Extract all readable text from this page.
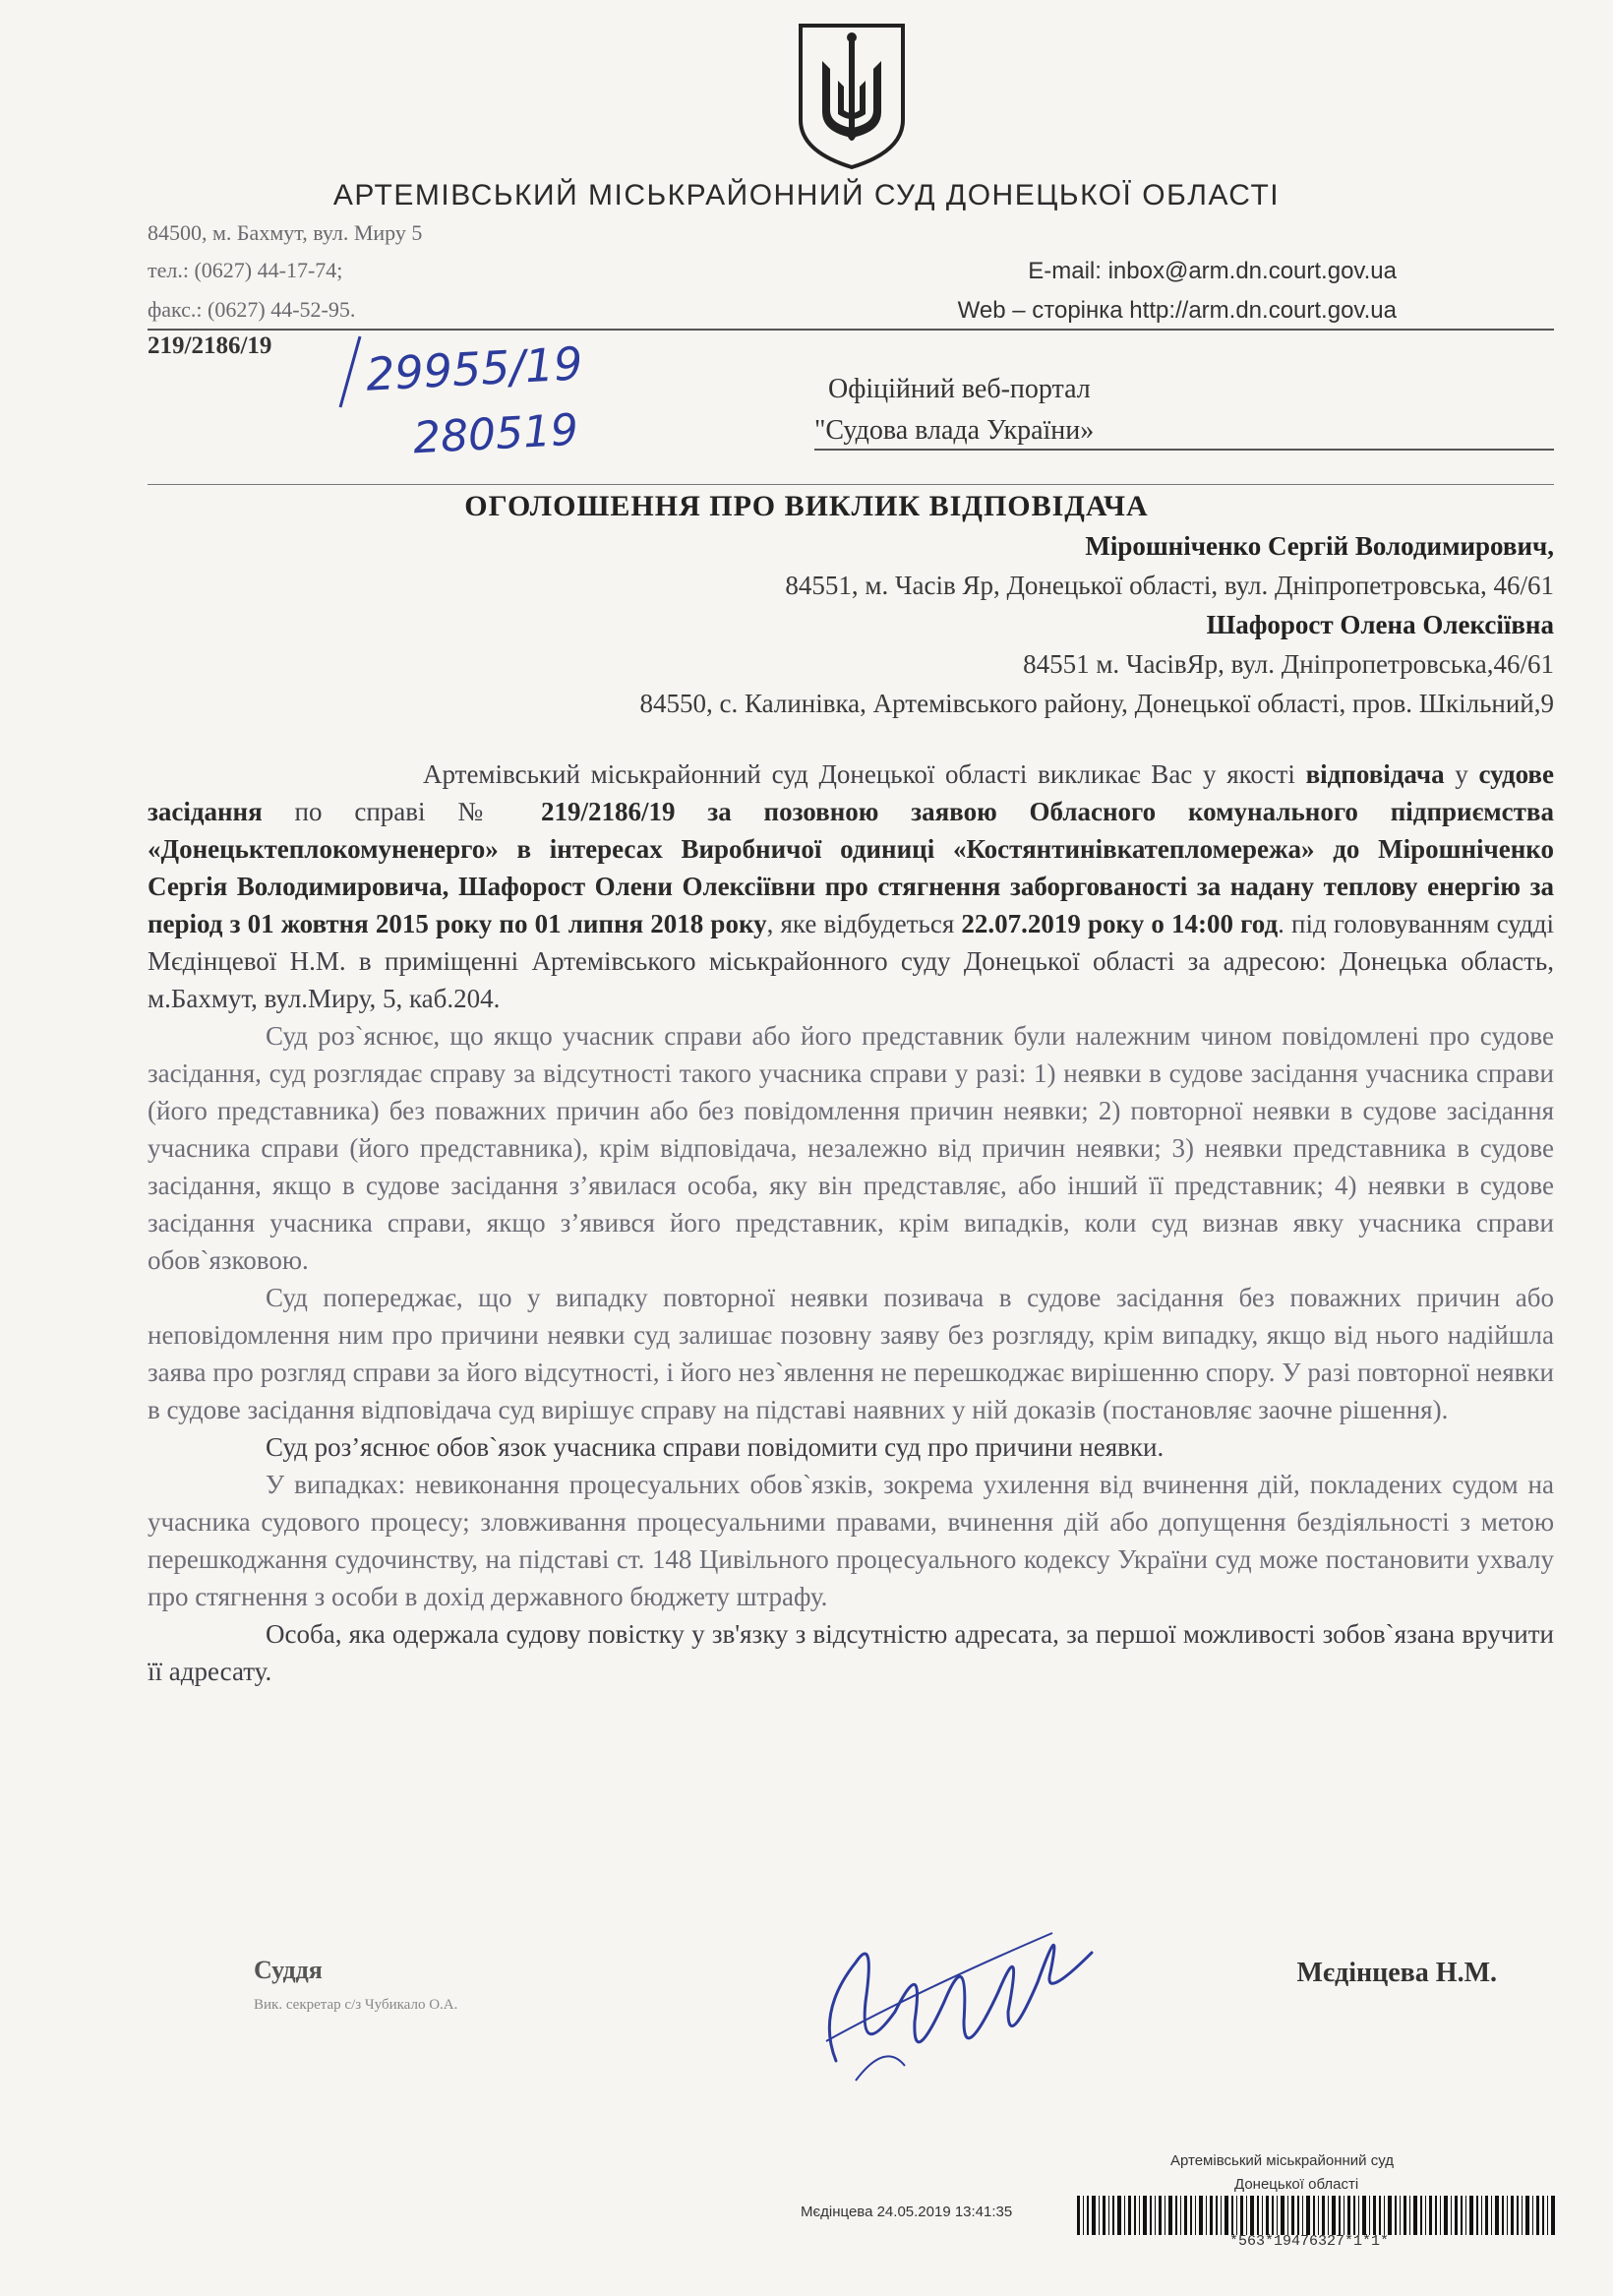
АРТЕМІВСЬКИЙ МІСЬКРАЙОННИЙ СУД ДОНЕЦЬКОЇ ОБЛАСТІ
84500, м. Бахмут, вул. Миру 5
тел.: (0627) 44-17-74;
факс.: (0627) 44-52-95.
E-mail: inbox@arm.dn.court.gov.ua
Web – сторінка http://arm.dn.court.gov.ua
219/2186/19 29955/19
280519
Офіційний веб-портал
"Судова влада України»
ОГОЛОШЕННЯ ПРО ВИКЛИК ВІДПОВІДАЧА
Мірошніченко Сергій Володимирович,
84551, м. Часів Яр, Донецької області, вул. Дніпропетровська, 46/61
Шафорост Олена Олексіївна
84551 м. ЧасівЯр, вул. Дніпропетровська,46/61
84550, с. Калинівка, Артемівського району, Донецької області, пров. Шкільний,9

Артемівський міськрайонний суд Донецької області викликає Вас у якості відповідача у судове засідання по справі № 219/2186/19 за позовною заявою Обласного комунального підприємства «Донецьктеплокомуненерго» в інтересах Виробничої одиниці «Костянтинівкатепломережа» до Мірошніченко Сергія Володимировича, Шафорост Олени Олексіївни про стягнення заборгованості за надану теплову енергію за період з 01 жовтня 2015 року по 01 липня 2018 року, яке відбудеться 22.07.2019 року о 14:00 год. під головуванням судді Мєдінцевої Н.М. в приміщенні Артемівського міськрайонного суду Донецької області за адресою: Донецька область, м.Бахмут, вул.Миру, 5, каб.204.

Суд роз`яснює, що якщо учасник справи або його представник були належним чином повідомлені про судове засідання, суд розглядає справу за відсутності такого учасника справи у разі: 1) неявки в судове засідання учасника справи (його представника) без поважних причин або без повідомлення причин неявки; 2) повторної неявки в судове засідання учасника справи (його представника), крім відповідача, незалежно від причин неявки; 3) неявки представника в судове засідання, якщо в судове засідання з’явилася особа, яку він представляє, або інший її представник; 4) неявки в судове засідання учасника справи, якщо з’явився його представник, крім випадків, коли суд визнав явку учасника справи обов`язковою.

Суд попереджає, що у випадку повторної неявки позивача в судове засідання без поважних причин або неповідомлення ним про причини неявки суд залишає позовну заяву без розгляду, крім випадку, якщо від нього надійшла заява про розгляд справи за його відсутності, і його нез`явлення не перешкоджає вирішенню спору. У разі повторної неявки в судове засідання відповідача суд вирішує справу на підставі наявних у ній доказів (постановляє заочне рішення).

Суд роз’яснює обов`язок учасника справи повідомити суд про причини неявки.

У випадках: невиконання процесуальних обов`язків, зокрема ухилення від вчинення дій, покладених судом на учасника судового процесу; зловживання процесуальними правами, вчинення дій або допущення бездіяльності з метою перешкоджання судочинству, на підставі ст. 148 Цивільного процесуального кодексу України суд може постановити ухвалу про стягнення з особи в дохід державного бюджету штрафу.

Особа, яка одержала судову повістку у зв'язку з відсутністю адресата, за першої можливості зобов`язана вручити її адресату.

Суддя
Вик. секретар с/з Чубикало О.А.
Мєдінцева Н.М.
Артемівський міськрайонний суд
Донецької області
Мєдінцева 24.05.2019 13:41:35
*563*19476327*1*1*
